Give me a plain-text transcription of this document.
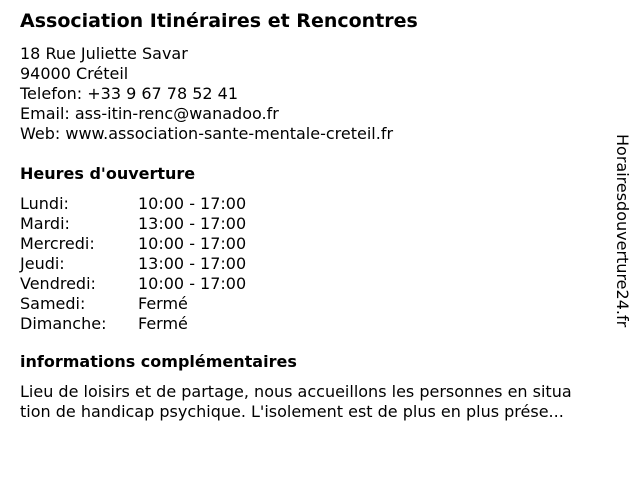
Association Itinéraires et Rencontres
18 Rue Juliette Savar
94000 Créteil
Telefon: +33 9 67 78 52 41
Email: ass-itin-renc@wanadoo.fr
Web: www.association-sante-mentale-creteil.fr
Heures d'ouverture
Lundi:	10:00 - 17:00
Mardi:	13:00 - 17:00
Mercredi:	10:00 - 17:00
Jeudi:	13:00 - 17:00
Vendredi:	10:00 - 17:00
Samedi:	Fermé
Dimanche: Fermé
informations complémentaires
Lieu de loisirs et de partage, nous accueillons les personnes en situa
tion de handicap psychique. L'isolement est de plus en plus prése...
Horairesdouverture24.fr
